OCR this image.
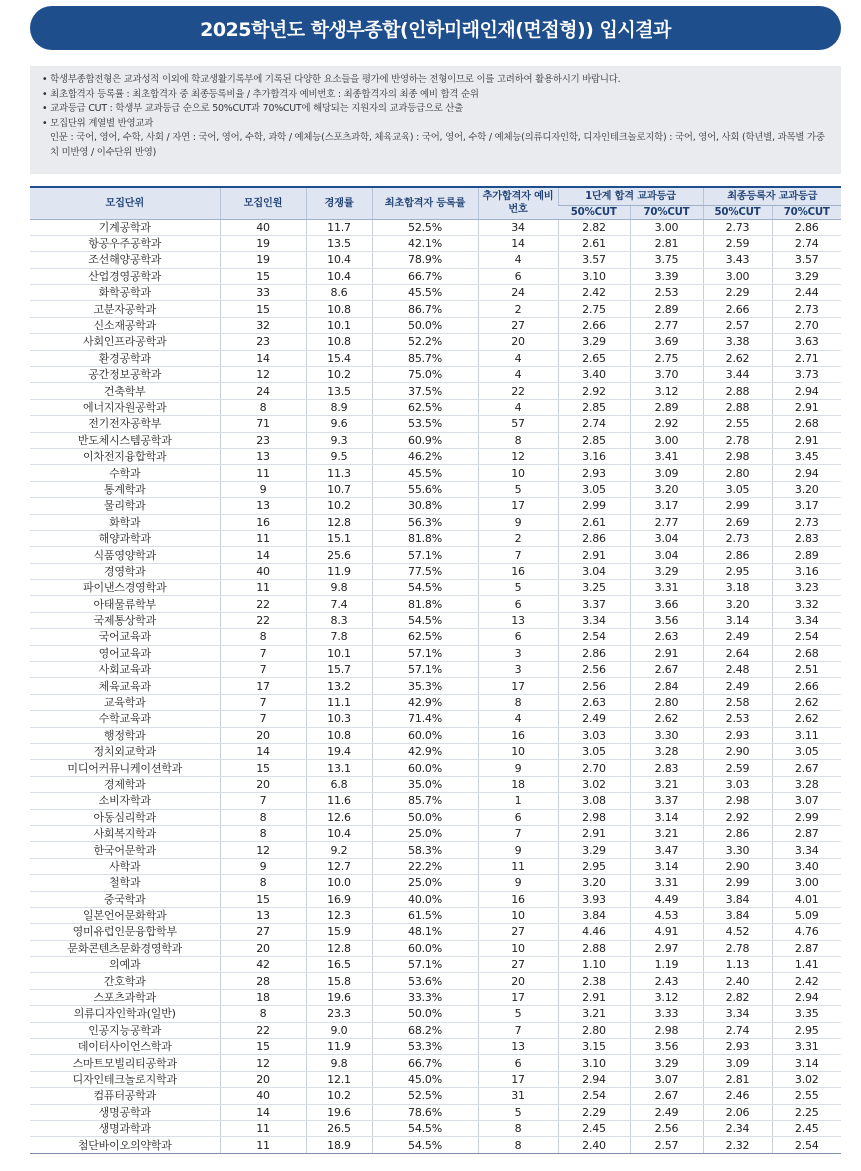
2025학년도 학생부종합(인하미래인재(면접형)) 입시결과
• 학생부종합전형은 교과성적 이외에 학교생활기록부에 기록된 다양한 요소들을 평가에 반영하는 전형이므로 이를 고려하여 활용하시기 바랍니다.
• 최초합격자 등록률 : 최초합격자 중 최종등록비율 / 추가합격자 예비번호 : 최종합격자의 최종 예비 합격 순위
• 교과등급 CUT : 학생부 교과등급 순으로 50%CUT과 70%CUT에 해당되는 지원자의 교과등급으로 산출
• 모집단위 계열별 반영교과
인문 : 국어, 영어, 수학, 사회 / 자연 : 국어, 영어, 수학, 과학 / 예체능(스포츠과학, 체육교육) : 국어, 영어, 수학 / 예체능(의류디자인학, 디자인테크놀로지학) : 국어, 영어, 사회 (학년별, 과목별 가중치 미반영 / 이수단위 반영)
모집단위	모집인원	경쟁률	최초합격자 등록률	추가합격자 예비번호	1단계 합격 교과등급		최종등록자 교과등급	
					50%CUT	70%CUT	50%CUT	70%CUT
기계공학과	40	11.7	52.5%	34	2.82	3.00	2.73	2.86
항공우주공학과	19	13.5	42.1%	14	2.61	2.81	2.59	2.74
조선해양공학과	19	10.4	78.9%	4	3.57	3.75	3.43	3.57
산업경영공학과	15	10.4	66.7%	6	3.10	3.39	3.00	3.29
화학공학과	33	8.6	45.5%	24	2.42	2.53	2.29	2.44
고분자공학과	15	10.8	86.7%	2	2.75	2.89	2.66	2.73
신소재공학과	32	10.1	50.0%	27	2.66	2.77	2.57	2.70
사회인프라공학과	23	10.8	52.2%	20	3.29	3.69	3.38	3.63
환경공학과	14	15.4	85.7%	4	2.65	2.75	2.62	2.71
공간정보공학과	12	10.2	75.0%	4	3.40	3.70	3.44	3.73
건축학부	24	13.5	37.5%	22	2.92	3.12	2.88	2.94
에너지자원공학과	8	8.9	62.5%	4	2.85	2.89	2.88	2.91
전기전자공학부	71	9.6	53.5%	57	2.74	2.92	2.55	2.68
반도체시스템공학과	23	9.3	60.9%	8	2.85	3.00	2.78	2.91
이차전지융합학과	13	9.5	46.2%	12	3.16	3.41	2.98	3.45
수학과	11	11.3	45.5%	10	2.93	3.09	2.80	2.94
통계학과	9	10.7	55.6%	5	3.05	3.20	3.05	3.20
물리학과	13	10.2	30.8%	17	2.99	3.17	2.99	3.17
화학과	16	12.8	56.3%	9	2.61	2.77	2.69	2.73
해양과학과	11	15.1	81.8%	2	2.86	3.04	2.73	2.83
식품영양학과	14	25.6	57.1%	7	2.91	3.04	2.86	2.89
경영학과	40	11.9	77.5%	16	3.04	3.29	2.95	3.16
파이낸스경영학과	11	9.8	54.5%	5	3.25	3.31	3.18	3.23
아태물류학부	22	7.4	81.8%	6	3.37	3.66	3.20	3.32
국제통상학과	22	8.3	54.5%	13	3.34	3.56	3.14	3.34
국어교육과	8	7.8	62.5%	6	2.54	2.63	2.49	2.54
영어교육과	7	10.1	57.1%	3	2.86	2.91	2.64	2.68
사회교육과	7	15.7	57.1%	3	2.56	2.67	2.48	2.51
체육교육과	17	13.2	35.3%	17	2.56	2.84	2.49	2.66
교육학과	7	11.1	42.9%	8	2.63	2.80	2.58	2.62
수학교육과	7	10.3	71.4%	4	2.49	2.62	2.53	2.62
행정학과	20	10.8	60.0%	16	3.03	3.30	2.93	3.11
정치외교학과	14	19.4	42.9%	10	3.05	3.28	2.90	3.05
미디어커뮤니케이션학과	15	13.1	60.0%	9	2.70	2.83	2.59	2.67
경제학과	20	6.8	35.0%	18	3.02	3.21	3.03	3.28
소비자학과	7	11.6	85.7%	1	3.08	3.37	2.98	3.07
아동심리학과	8	12.6	50.0%	6	2.98	3.14	2.92	2.99
사회복지학과	8	10.4	25.0%	7	2.91	3.21	2.86	2.87
한국어문학과	12	9.2	58.3%	9	3.29	3.47	3.30	3.34
사학과	9	12.7	22.2%	11	2.95	3.14	2.90	3.40
철학과	8	10.0	25.0%	9	3.20	3.31	2.99	3.00
중국학과	15	16.9	40.0%	16	3.93	4.49	3.84	4.01
일본언어문화학과	13	12.3	61.5%	10	3.84	4.53	3.84	5.09
영미유럽인문융합학부	27	15.9	48.1%	27	4.46	4.91	4.52	4.76
문화콘텐츠문화경영학과	20	12.8	60.0%	10	2.88	2.97	2.78	2.87
의예과	42	16.5	57.1%	27	1.10	1.19	1.13	1.41
간호학과	28	15.8	53.6%	20	2.38	2.43	2.40	2.42
스포츠과학과	18	19.6	33.3%	17	2.91	3.12	2.82	2.94
의류디자인학과(일반)	8	23.3	50.0%	5	3.21	3.33	3.34	3.35
인공지능공학과	22	9.0	68.2%	7	2.80	2.98	2.74	2.95
데이터사이언스학과	15	11.9	53.3%	13	3.15	3.56	2.93	3.31
스마트모빌리티공학과	12	9.8	66.7%	6	3.10	3.29	3.09	3.14
디자인테크놀로지학과	20	12.1	45.0%	17	2.94	3.07	2.81	3.02
컴퓨터공학과	40	10.2	52.5%	31	2.54	2.67	2.46	2.55
생명공학과	14	19.6	78.6%	5	2.29	2.49	2.06	2.25
생명과학과	11	26.5	54.5%	8	2.45	2.56	2.34	2.45
첨단바이오의약학과	11	18.9	54.5%	8	2.40	2.57	2.32	2.54
